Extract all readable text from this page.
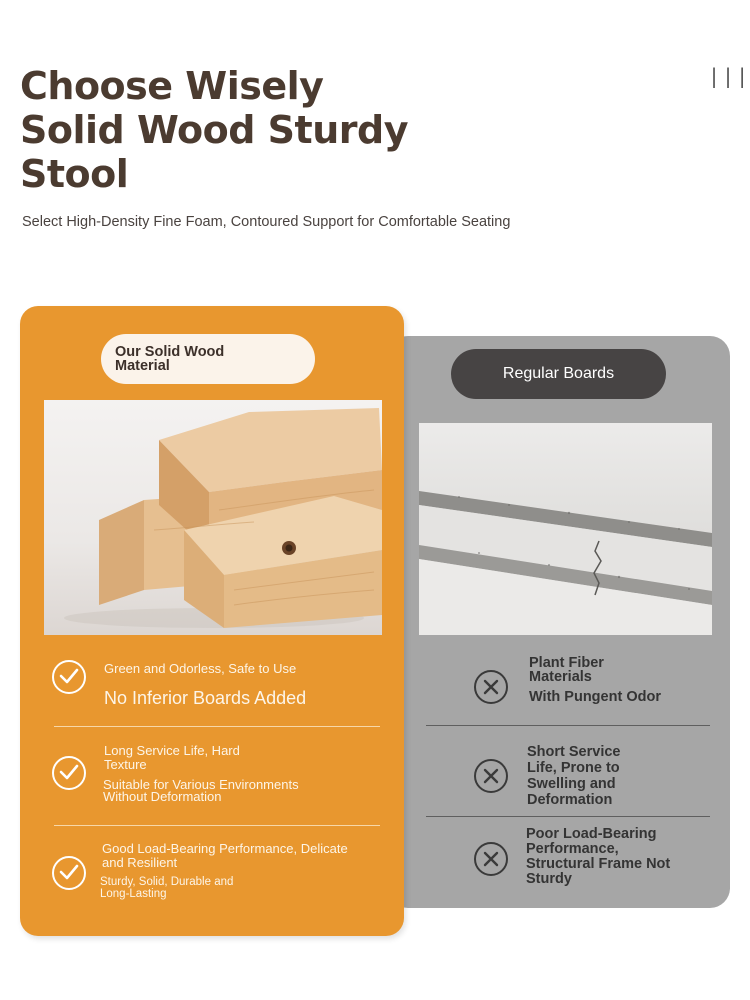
Choose Wisely
Solid Wood Sturdy
Stool
|||
Select High-Density Fine Foam, Contoured Support for Comfortable Seating
Regular Boards
Plant Fiber
Materials
With Pungent Odor
Short Service
Life, Prone to
Swelling and
Deformation
Poor Load-Bearing
Performance,
Structural Frame Not
Sturdy
Our Solid Wood
Material
Green and Odorless, Safe to Use
No Inferior Boards Added
Long Service Life, Hard
Texture
Suitable for Various Environments
Without Deformation
Good Load-Bearing Performance, Delicate
and Resilient
Sturdy, Solid, Durable and
Long-Lasting
